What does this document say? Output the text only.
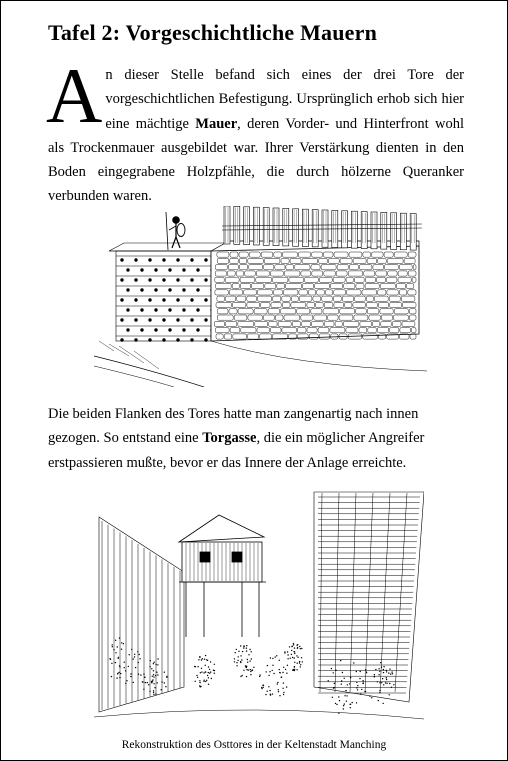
Tafel 2: Vorgeschichtliche Mauern
An dieser Stelle befand sich eines der drei Tore der vorgeschichtlichen Befestigung. Ursprünglich erhob sich hier eine mächtige Mauer, deren Vorder- und Hinterfront wohl als Trockenmauer ausgebildet war. Ihrer Verstärkung dienten in den Boden eingegrabene Holzpfähle, die durch hölzerne Queranker verbunden waren.
Die beiden Flanken des Tores hatte man zangenartig nach innen gezogen. So entstand eine Torgasse, die ein möglicher Angreifer erstpassieren mußte, bevor er das Innere der Anlage erreichte.
Rekonstruktion des Osttores in der Keltenstadt Manching
